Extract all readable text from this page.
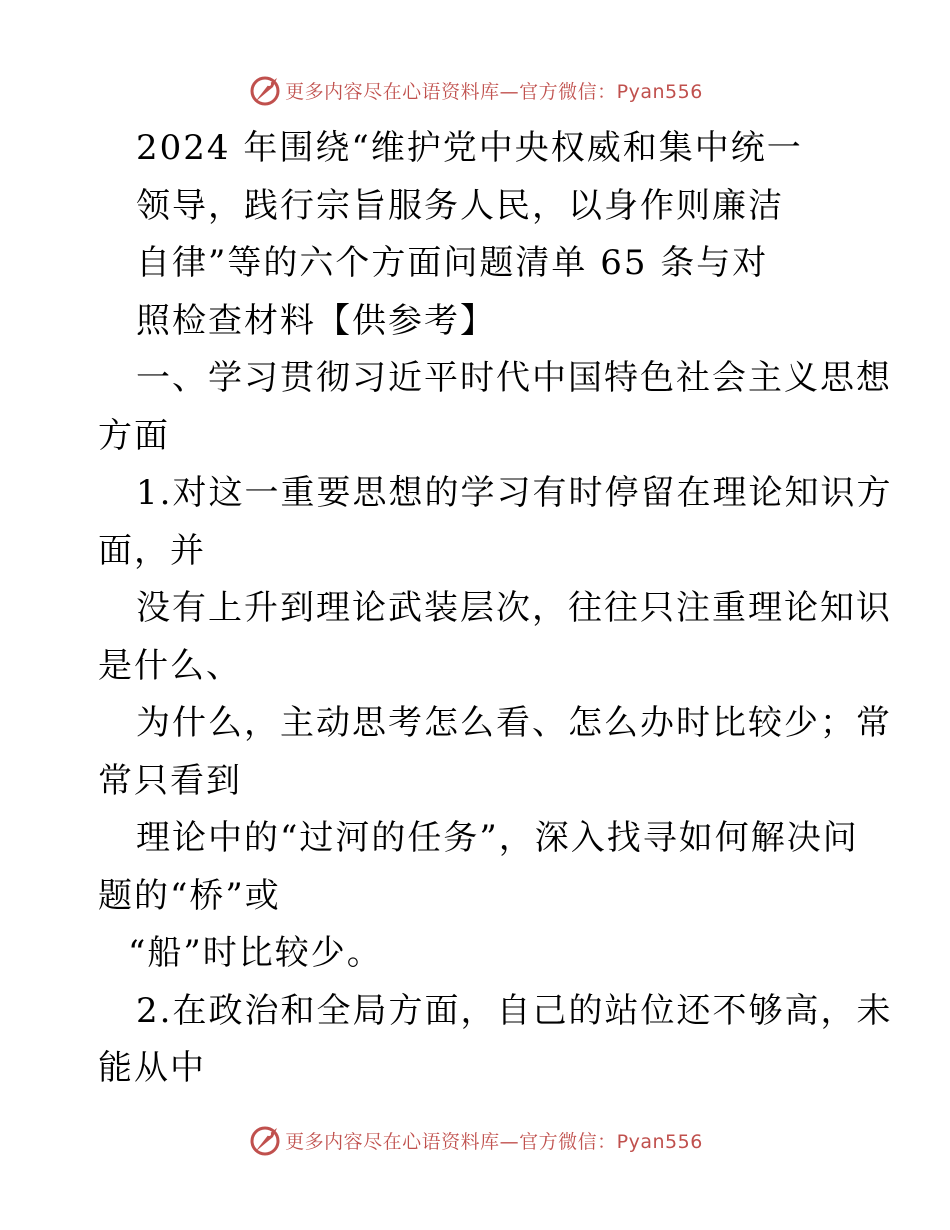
更多内容尽在心语资料库—官方微信：Pyan556
2024 年围绕“维护党中央权威和集中统一
领导，践行宗旨服务人民，以身作则廉洁
自律”等的六个方面问题清单 65 条与对
照检查材料【供参考】
一、学习贯彻习近平时代中国特色社会主义思想
方面
1.对这一重要思想的学习有时停留在理论知识方
面，并
没有上升到理论武装层次，往往只注重理论知识
是什么、
为什么，主动思考怎么看、怎么办时比较少；常
常只看到
理论中的“过河的任务”，深入找寻如何解决问
题的“桥”或
“船”时比较少。
2.在政治和全局方面，自己的站位还不够高，未
能从中
更多内容尽在心语资料库—官方微信：Pyan556
